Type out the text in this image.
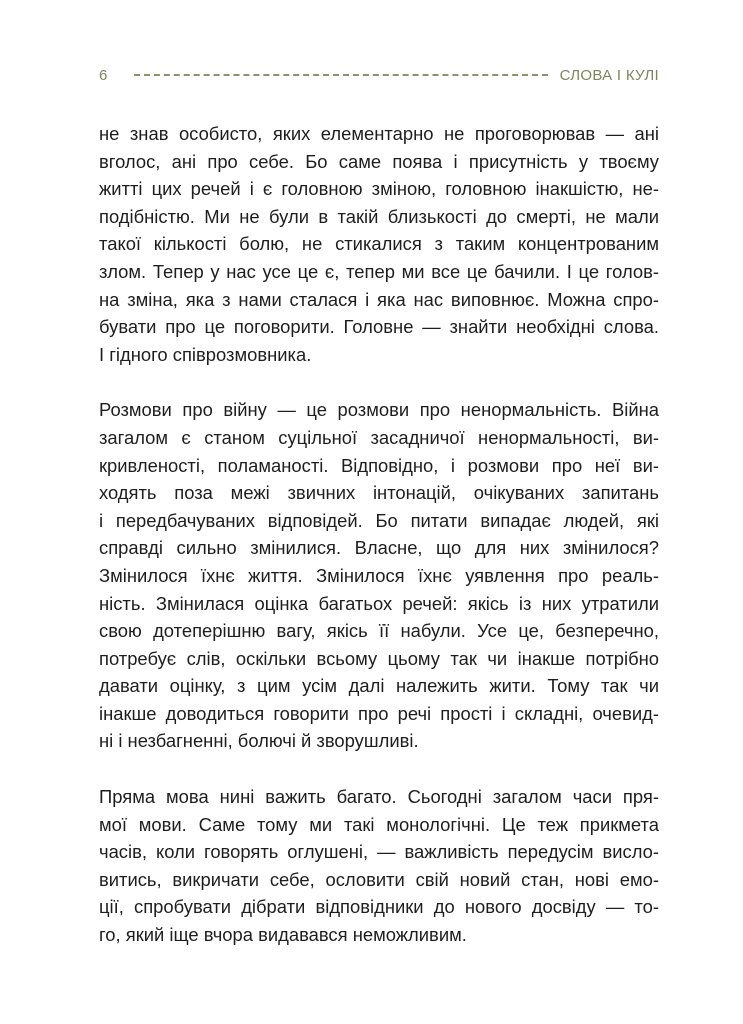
6	СЛОВА І КУЛІ

не знав особисто, яких елементарно не проговорював — ані
вголос, ані про себе. Бо саме поява і присутність у твоєму
житті цих речей і є головною зміною, головною інакшістю, не-
подібністю. Ми не були в такій близькості до смерті, не мали
такої кількості болю, не стикалися з таким концентрованим
злом. Тепер у нас усе це є, тепер ми все це бачили. І це голов-
на зміна, яка з нами сталася і яка нас виповнює. Можна спро-
бувати про це поговорити. Головне — знайти необхідні слова.
І гідного співрозмовника.

Розмови про війну — це розмови про ненормальність. Війна
загалом є станом суцільної засадничої ненормальності, ви-
кривленості, поламаності. Відповідно, і розмови про неї ви-
ходять поза межі звичних інтонацій, очікуваних запитань
і передбачуваних відповідей. Бо питати випадає людей, які
справді сильно змінилися. Власне, що для них змінилося?
Змінилося їхнє життя. Змінилося їхнє уявлення про реаль-
ність. Змінилася оцінка багатьох речей: якісь із них утратили
свою дотеперішню вагу, якісь її набули. Усе це, безперечно,
потребує слів, оскільки всьому цьому так чи інакше потрібно
давати оцінку, з цим усім далі належить жити. Тому так чи
інакше доводиться говорити про речі прості і складні, очевид-
ні і незбагненні, болючі й зворушливі.

Пряма мова нині важить багато. Сьогодні загалом часи пря-
мої мови. Саме тому ми такі монологічні. Це теж прикмета
часів, коли говорять оглушені, — важливість передусім висло-
витись, викричати себе, ословити свій новий стан, нові емо-
ції, спробувати дібрати відповідники до нового досвіду — то-
го, який іще вчора видавався неможливим.
